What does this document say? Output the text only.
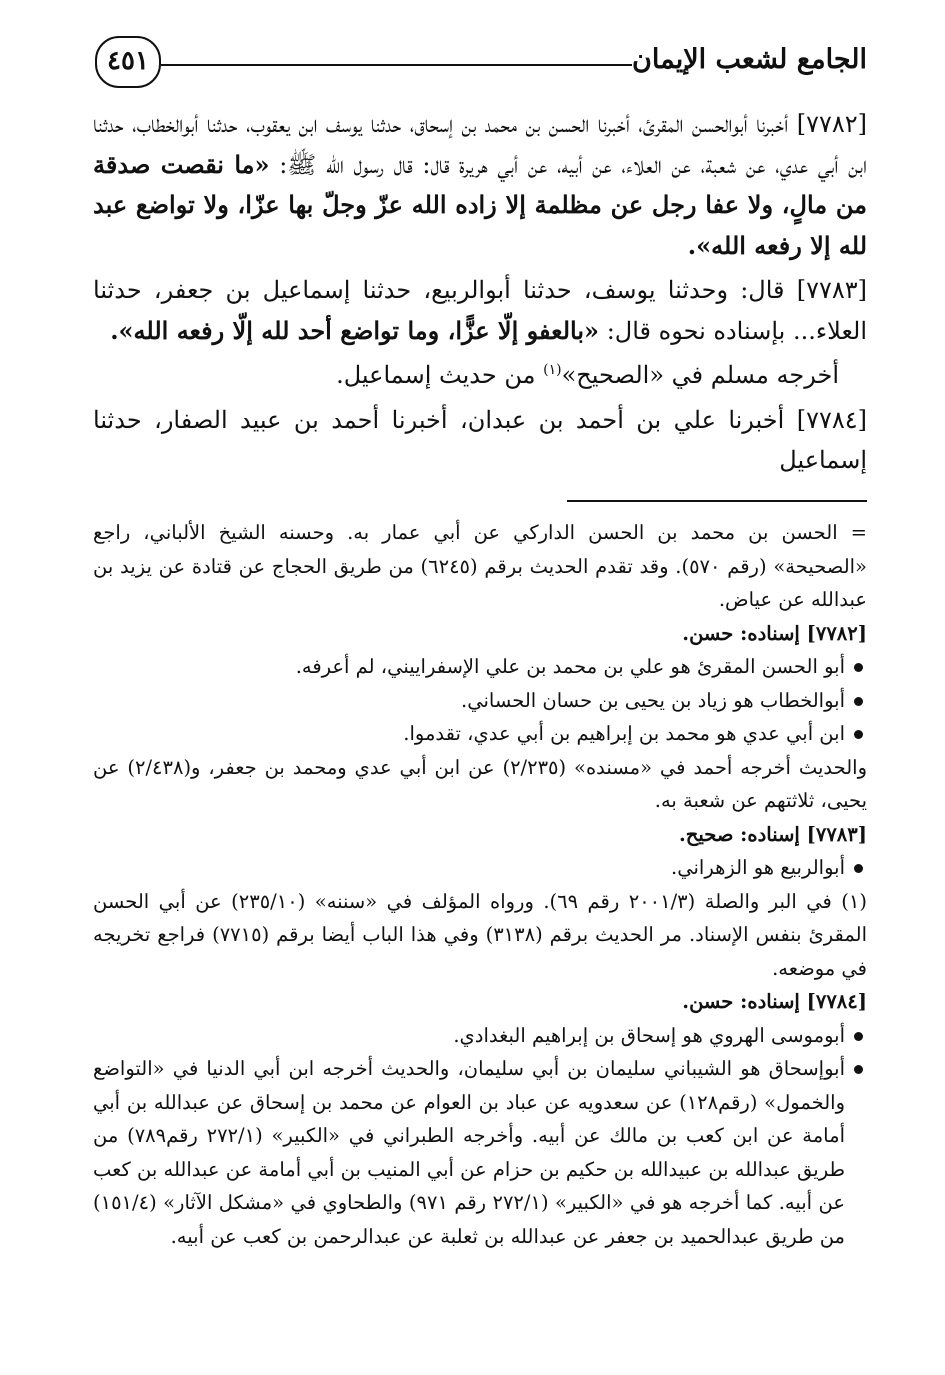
الجامع لشعب الإيمان
٤٥١

[٧٧٨٢] أخبرنا أبوالحسن المقرئ، أخبرنا الحسن بن محمد بن إسحاق، حدثنا يوسف ابن يعقوب، حدثنا أبوالخطاب، حدثنا ابن أبي عدي، عن شعبة، عن العلاء، عن أبيه، عن أبي هريرة قال: قال رسول الله ﷺ: «ما نقصت صدقة من مالٍ، ولا عفا رجل عن مظلمة إلا زاده الله عزّ وجلّ بها عزّا، ولا تواضع عبد لله إلا رفعه الله».

[٧٧٨٣] قال: وحدثنا يوسف، حدثنا أبوالربيع، حدثنا إسماعيل بن جعفر، حدثنا العلاء... بإسناده نحوه قال: «بالعفو إلّا عزًّا، وما تواضع أحد لله إلّا رفعه الله».

أخرجه مسلم في «الصحيح»$^{(١)}$ من حديث إسماعيل.

[٧٧٨٤] أخبرنا علي بن أحمد بن عبدان، أخبرنا أحمد بن عبيد الصفار، حدثنا إسماعيل

= الحسن بن محمد بن الحسن الداركي عن أبي عمار به. وحسنه الشيخ الألباني، راجع «الصحيحة» (رقم ٥٧٠). وقد تقدم الحديث برقم (٦٢٤٥) من طريق الحجاج عن قتادة عن يزيد بن عبدالله عن عياض.

[٧٧٨٢] إسناده: حسن.

أبو الحسن المقرئ هو علي بن محمد بن علي الإسفراييني، لم أعرفه.
أبوالخطاب هو زياد بن يحيى بن حسان الحساني.
ابن أبي عدي هو محمد بن إبراهيم بن أبي عدي، تقدموا.

والحديث أخرجه أحمد في «مسنده» (٢/٢٣٥) عن ابن أبي عدي ومحمد بن جعفر، و(٢/٤٣٨) عن يحيى، ثلاثتهم عن شعبة به.

[٧٧٨٣] إسناده: صحيح.

أبوالربيع هو الزهراني.

(١) في البر والصلة (٢٠٠١/٣ رقم ٦٩). ورواه المؤلف في «سننه» (٢٣٥/١٠) عن أبي الحسن المقرئ بنفس الإسناد. مر الحديث برقم (٣١٣٨) وفي هذا الباب أيضا برقم (٧٧١٥) فراجع تخريجه في موضعه.

[٧٧٨٤] إسناده: حسن.

أبوموسى الهروي هو إسحاق بن إبراهيم البغدادي.
أبوإسحاق هو الشيباني سليمان بن أبي سليمان، والحديث أخرجه ابن أبي الدنيا في «التواضع والخمول» (رقم١٢٨) عن سعدويه عن عباد بن العوام عن محمد بن إسحاق عن عبدالله بن أبي أمامة عن ابن كعب بن مالك عن أبيه. وأخرجه الطبراني في «الكبير» (٢٧٢/١ رقم٧٨٩) من طريق عبدالله بن عبيدالله بن حكيم بن حزام عن أبي المنيب بن أبي أمامة عن عبدالله بن كعب عن أبيه. كما أخرجه هو في «الكبير» (٢٧٢/١ رقم ٩٧١) والطحاوي في «مشكل الآثار» (١٥١/٤) من طريق عبدالحميد بن جعفر عن عبدالله بن ثعلبة عن عبدالرحمن بن كعب عن أبيه.
